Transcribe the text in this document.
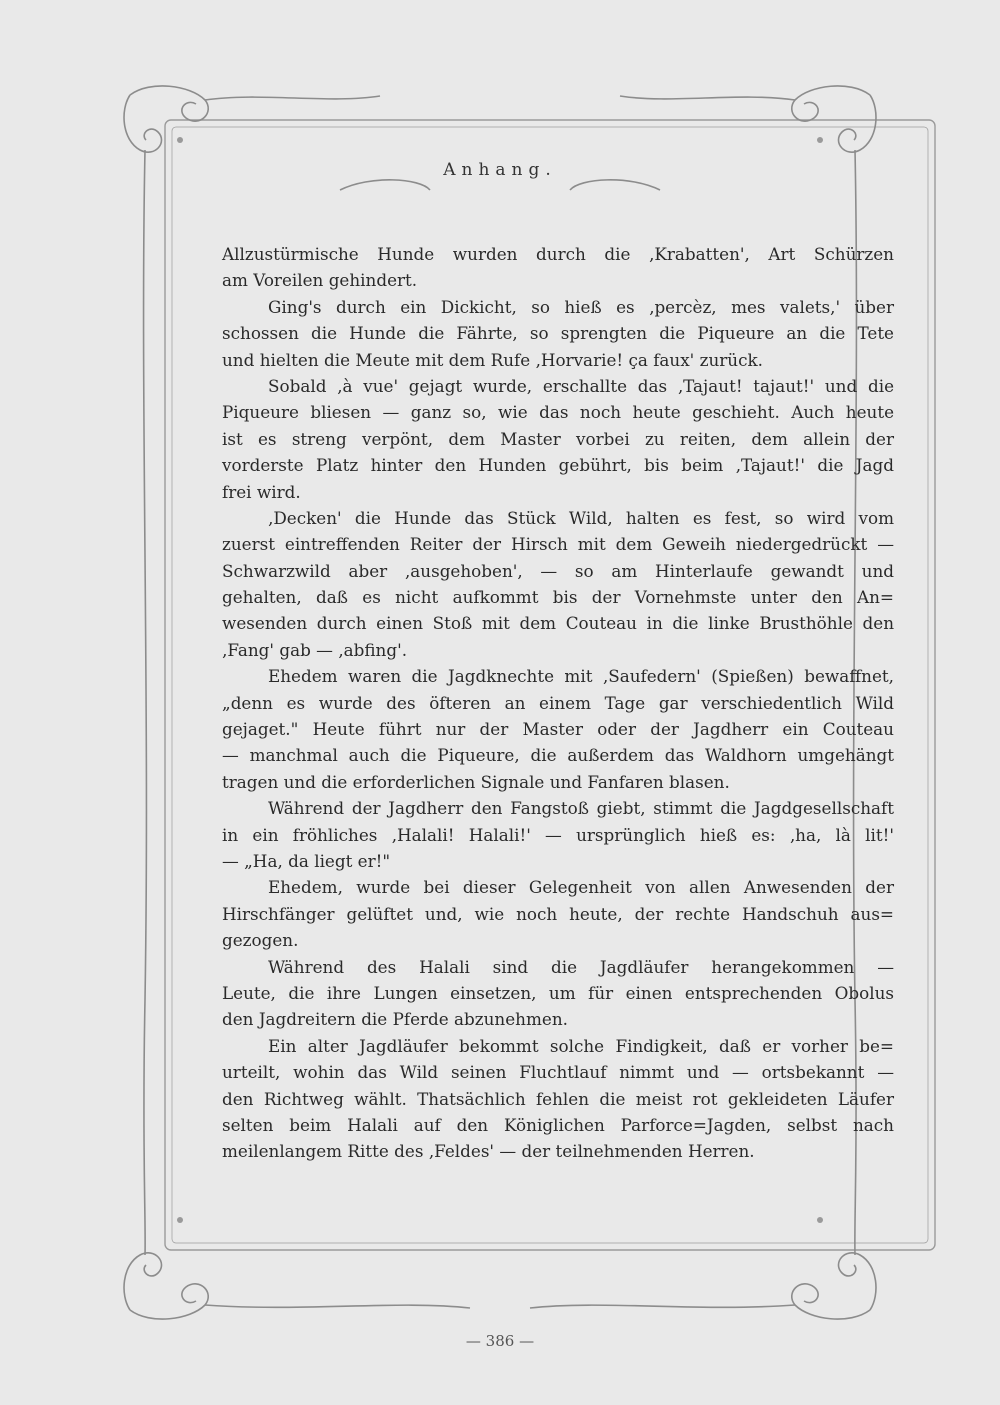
Anhang.
Allzustürmische Hunde wurden durch die ‚Krabatten', Art Schürzen
am Voreilen gehindert.
Ging's durch ein Dickicht, so hieß es ‚percèz, mes valets,' über
schossen die Hunde die Fährte, so sprengten die Piqueure an die Tete
und hielten die Meute mit dem Rufe ‚Horvarie! ça faux' zurück.
Sobald ‚à vue' gejagt wurde, erschallte das ‚Tajaut! tajaut!' und die
Piqueure bliesen — ganz so, wie das noch heute geschieht. Auch heute
ist es streng verpönt, dem Master vorbei zu reiten, dem allein der
vorderste Platz hinter den Hunden gebührt, bis beim ‚Tajaut!' die Jagd
frei wird.
‚Decken' die Hunde das Stück Wild, halten es fest, so wird vom
zuerst eintreffenden Reiter der Hirsch mit dem Geweih niedergedrückt —
Schwarzwild aber ‚ausgehoben', — so am Hinterlaufe gewandt und
gehalten, daß es nicht aufkommt bis der Vornehmste unter den An=
wesenden durch einen Stoß mit dem Couteau in die linke Brusthöhle den
‚Fang' gab — ‚abfing'.
Ehedem waren die Jagdknechte mit ‚Saufedern' (Spießen) bewaffnet,
„denn es wurde des öfteren an einem Tage gar verschiedentlich Wild
gejaget." Heute führt nur der Master oder der Jagdherr ein Couteau
— manchmal auch die Piqueure, die außerdem das Waldhorn umgehängt
tragen und die erforderlichen Signale und Fanfaren blasen.
Während der Jagdherr den Fangstoß giebt, stimmt die Jagdgesellschaft
in ein fröhliches ‚Halali! Halali!' — ursprünglich hieß es: ‚ha, là lit!'
— „Ha, da liegt er!"
Ehedem, wurde bei dieser Gelegenheit von allen Anwesenden der
Hirschfänger gelüftet und, wie noch heute, der rechte Handschuh aus=
gezogen.
Während des Halali sind die Jagdläufer herangekommen —
Leute, die ihre Lungen einsetzen, um für einen entsprechenden Obolus
den Jagdreitern die Pferde abzunehmen.
Ein alter Jagdläufer bekommt solche Findigkeit, daß er vorher be=
urteilt, wohin das Wild seinen Fluchtlauf nimmt und — ortsbekannt —
den Richtweg wählt. Thatsächlich fehlen die meist rot gekleideten Läufer
selten beim Halali auf den Königlichen Parforce=Jagden, selbst nach
meilenlangem Ritte des ‚Feldes' — der teilnehmenden Herren.
— 386 —
